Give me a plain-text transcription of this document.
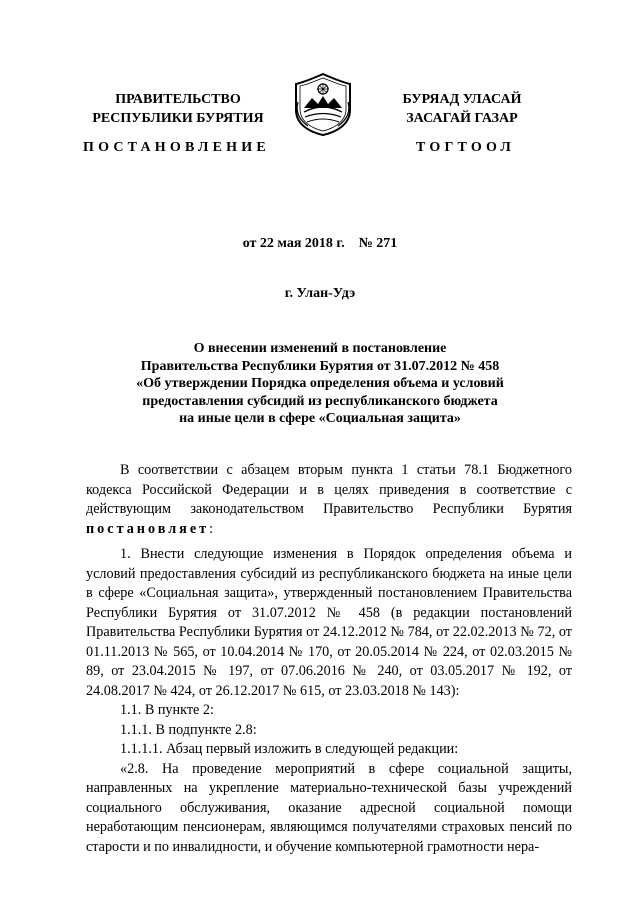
ПРАВИТЕЛЬСТВО
РЕСПУБЛИКИ БУРЯТИЯ
БУРЯАД УЛАСАЙ
ЗАСАГАЙ ГАЗАР
ПОСТАНОВЛЕНИЕ	ТОГТООЛ
от 22 мая 2018 г.    № 271
г. Улан-Удэ
О внесении изменений в постановление
Правительства Республики Бурятия от 31.07.2012 № 458
«Об утверждении Порядка определения объема и условий
предоставления субсидий из республиканского бюджета
на иные цели в сфере «Социальная защита»

В соответствии с абзацем вторым пункта 1 статьи 78.1 Бюджетного кодекса Российской Федерации и в целях приведения в соответствие с действующим законодательством Правительство Республики Бурятия постановляет:

1. Внести следующие изменения в Порядок определения объема и условий предоставления субсидий из республиканского бюджета на иные цели в сфере «Социальная защита», утвержденный постановлением Правительства Республики Бурятия от 31.07.2012 № 458 (в редакции постановлений Правительства Республики Бурятия от 24.12.2012 № 784, от 22.02.2013 № 72, от 01.11.2013 № 565, от 10.04.2014 № 170, от 20.05.2014 № 224, от 02.03.2015 № 89, от 23.04.2015 № 197, от 07.06.2016 № 240, от 03.05.2017 № 192, от 24.08.2017 № 424, от 26.12.2017 № 615, от 23.03.2018 № 143):

1.1. В пункте 2:

1.1.1. В подпункте 2.8:

1.1.1.1. Абзац первый изложить в следующей редакции:

«2.8. На проведение мероприятий в сфере социальной защиты, направленных на укрепление материально-технической базы учреждений социального обслуживания, оказание адресной социальной помощи неработающим пенсионерам, являющимся получателями страховых пенсий по старости и по инвалидности, и обучение компьютерной грамотности нера-
